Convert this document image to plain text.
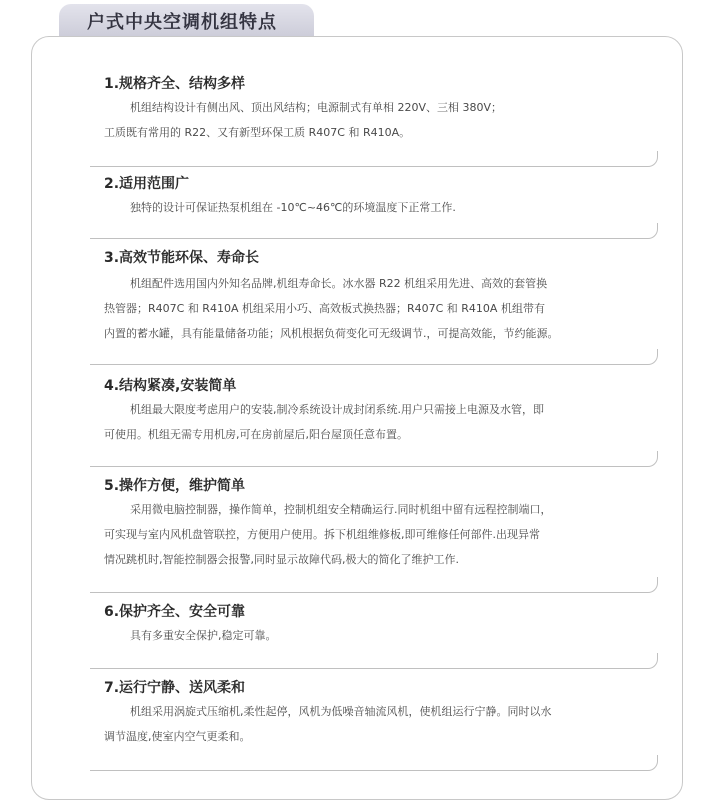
户式中央空调机组特点
1.规格齐全、结构多样
机组结构设计有侧出风、顶出风结构；电源制式有单相 220V、三相 380V；
工质既有常用的 R22、又有新型环保工质 R407C 和 R410A。
2.适用范围广
独特的设计可保证热泵机组在 -10℃~46℃的环境温度下正常工作.
3.高效节能环保、寿命长
机组配件选用国内外知名品牌,机组寿命长。冰水器 R22 机组采用先进、高效的套管换
热管器；R407C 和 R410A 机组采用小巧、高效板式换热器；R407C 和 R410A 机组带有
内置的蓄水罐，具有能量储备功能；风机根据负荷变化可无级调节.，可提高效能，节约能源。
4.结构紧凑,安装简单
机组最大限度考虑用户的安装,制冷系统设计成封闭系统.用户只需接上电源及水管，即
可使用。机组无需专用机房,可在房前屋后,阳台屋顶任意布置。
5.操作方便，维护简单
采用微电脑控制器，操作简单，控制机组安全精确运行.同时机组中留有远程控制端口，
可实现与室内风机盘管联控，方便用户使用。拆下机组维修板,即可维修任何部件.出现异常
情况跳机时,智能控制器会报警,同时显示故障代码,极大的简化了维护工作.
6.保护齐全、安全可靠
具有多重安全保护,稳定可靠。
7.运行宁静、送风柔和
机组采用涡旋式压缩机,柔性起停，风机为低噪音轴流风机，使机组运行宁静。同时以水
调节温度,使室内空气更柔和。
